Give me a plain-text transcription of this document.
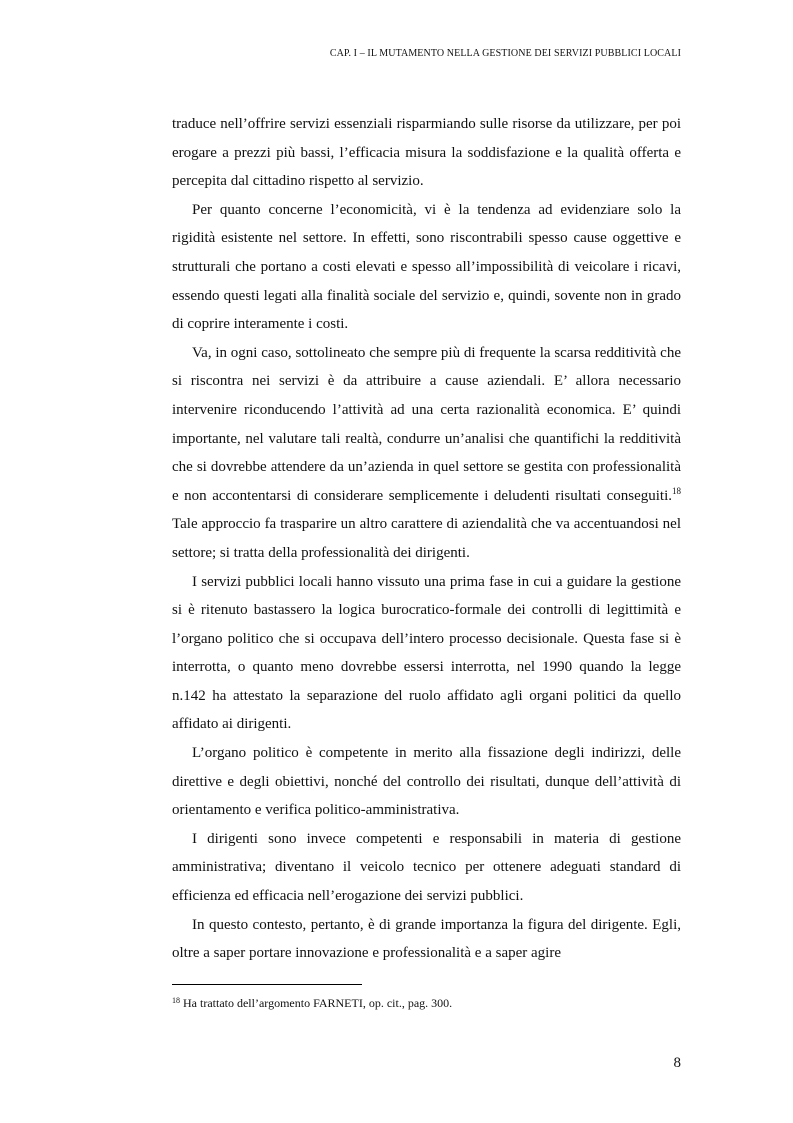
CAP. I – IL MUTAMENTO NELLA GESTIONE DEI SERVIZI PUBBLICI LOCALI

traduce nell’offrire servizi essenziali risparmiando sulle risorse da utilizzare, per poi erogare a prezzi più bassi, l’efficacia misura la soddisfazione e la qualità offerta e percepita dal cittadino rispetto al servizio.

Per quanto concerne l’economicità, vi è la tendenza ad evidenziare solo la rigidità esistente nel settore. In effetti, sono riscontrabili spesso cause oggettive e strutturali che portano a costi elevati e spesso all’impossibilità di veicolare i ricavi, essendo questi legati alla finalità sociale del servizio e, quindi, sovente non in grado di coprire interamente i costi.

Va, in ogni caso, sottolineato che sempre più di frequente la scarsa redditività che si riscontra nei servizi è da attribuire a cause aziendali. E’ allora necessario intervenire riconducendo l’attività ad una certa razionalità economica. E’ quindi importante, nel valutare tali realtà, condurre un’analisi che quantifichi la redditività che si dovrebbe attendere da un’azienda in quel settore se gestita con professionalità e non accontentarsi di considerare semplicemente i deludenti risultati conseguiti.$^{18}$ Tale approccio fa trasparire un altro carattere di aziendalità che va accentuandosi nel settore; si tratta della professionalità dei dirigenti.

I servizi pubblici locali hanno vissuto una prima fase in cui a guidare la gestione si è ritenuto bastassero la logica burocratico-formale dei controlli di legittimità e l’organo politico che si occupava dell’intero processo decisionale. Questa fase si è interrotta, o quanto meno dovrebbe essersi interrotta, nel 1990 quando la legge n.142 ha attestato la separazione del ruolo affidato agli organi politici da quello affidato ai dirigenti.

L’organo politico è competente in merito alla fissazione degli indirizzi, delle direttive e degli obiettivi, nonché del controllo dei risultati, dunque dell’attività di orientamento e verifica politico-amministrativa.

I dirigenti sono invece competenti e responsabili in materia di gestione amministrativa; diventano il veicolo tecnico per ottenere adeguati standard di efficienza ed efficacia nell’erogazione dei servizi pubblici.

In questo contesto, pertanto, è di grande importanza la figura del dirigente. Egli, oltre a saper portare innovazione e professionalità e a saper agire

$^{18}$ Ha trattato dell’argomento FARNETI, op. cit., pag. 300.
8
